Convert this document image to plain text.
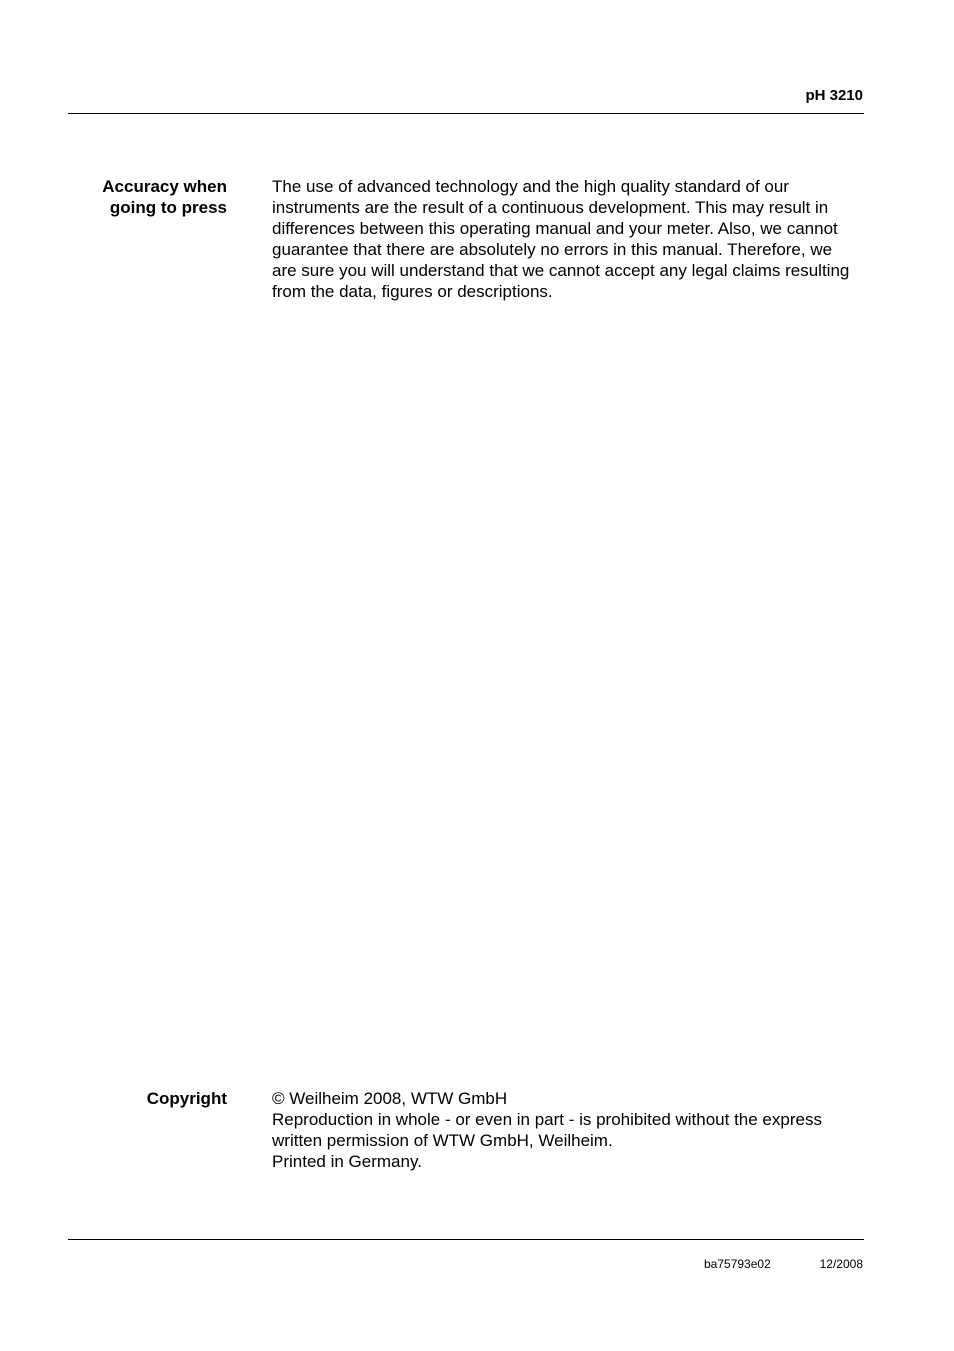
pH 3210
Accuracy when
going to press
The use of advanced technology and the high quality standard of our
instruments are the result of a continuous development. This may result in
differences between this operating manual and your meter. Also, we cannot
guarantee that there are absolutely no errors in this manual. Therefore, we
are sure you will understand that we cannot accept any legal claims resulting
from the data, figures or descriptions.
Copyright	© Weilheim 2008, WTW GmbH
Reproduction in whole - or even in part - is prohibited without the express
written permission of WTW GmbH, Weilheim.
Printed in Germany.
ba75793e02	12/2008
